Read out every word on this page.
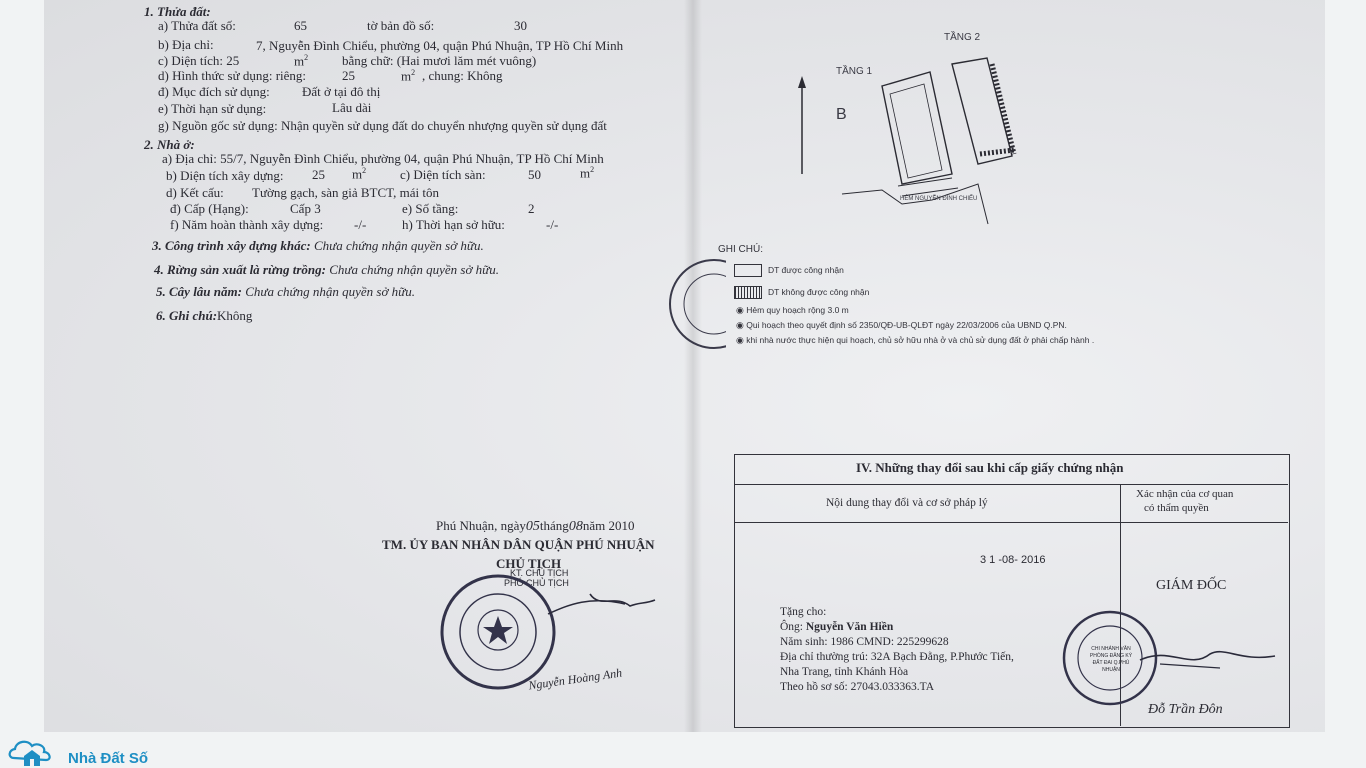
1. Thửa đất:
a) Thửa đất số:	65	tờ bản đồ số:	30
b) Địa chỉ:	7, Nguyễn Đình Chiểu, phường 04, quận Phú Nhuận, TP Hồ Chí Minh
c) Diện tích: 25	$m^2$	bằng chữ: (Hai mươi lăm mét vuông)
d) Hình thức sử dụng: riêng:	25	$m^2$ , chung: Không
đ) Mục đích sử dụng: Đất ở tại đô thị
e) Thời hạn sử dụng:	Lâu dài
g) Nguồn gốc sử dụng: Nhận quyền sử dụng đất do chuyển nhượng quyền sử dụng đất
2. Nhà ở:
a) Địa chỉ: 55/7, Nguyễn Đình Chiểu, phường 04, quận Phú Nhuận, TP Hồ Chí Minh
b) Diện tích xây dựng: 25 $m^2$	c) Diện tích sàn:	50	$m^2$
d) Kết cấu: Tường gạch, sàn giả BTCT, mái tôn
đ) Cấp (Hạng):	Cấp 3	e) Số tầng:	2
f) Năm hoàn thành xây dựng: -/-	h) Thời hạn sở hữu:	-/-
3. Công trình xây dựng khác: Chưa chứng nhận quyền sở hữu.
4. Rừng sản xuất là rừng trồng: Chưa chứng nhận quyền sở hữu.
5. Cây lâu năm: Chưa chứng nhận quyền sở hữu.
6. Ghi chú:Không
Phú Nhuận, ngày05tháng08năm 2010
TM. ỦY BAN NHÂN DÂN QUẬN PHÚ NHUẬN
CHỦ TỊCH
KT. CHỦ TỊCH
PHÓ CHỦ TỊCH
Nguyễn Hoàng Anh
TẦNG 2
TẦNG 1
B
HẺM NGUYỄN ĐÌNH CHIỂU
GHI CHÚ:
DT được công nhận
DT không được công nhận
◉ Hẻm quy hoạch rộng 3.0 m
◉ Qui hoạch theo quyết định số 2350/QĐ-UB-QLĐT ngày 22/03/2006 của UBND Q.PN.
◉ khi nhà nước thực hiện qui hoạch, chủ sở hữu nhà ở và chủ sử dụng đất ở phải chấp hành .
IV. Những thay đổi sau khi cấp giấy chứng nhận
Nội dung thay đổi và cơ sở pháp lý
Xác nhận của cơ quan
có thẩm quyền
3 1 -08- 2016
GIÁM ĐỐC
Tặng cho:
Ông: Nguyễn Văn Hiền
Năm sinh: 1986 CMND: 225299628
Địa chỉ thường trú: 32A Bạch Đằng, P.Phước Tiến,
Nha Trang, tỉnh Khánh Hòa
Theo hồ sơ số: 27043.033363.TA
CHI NHÁNH VĂN PHÒNG ĐĂNG KÝ ĐẤT ĐAI Q.PHÚ NHUẬN
Đỗ Trần Đôn
Nhà Đất Số
